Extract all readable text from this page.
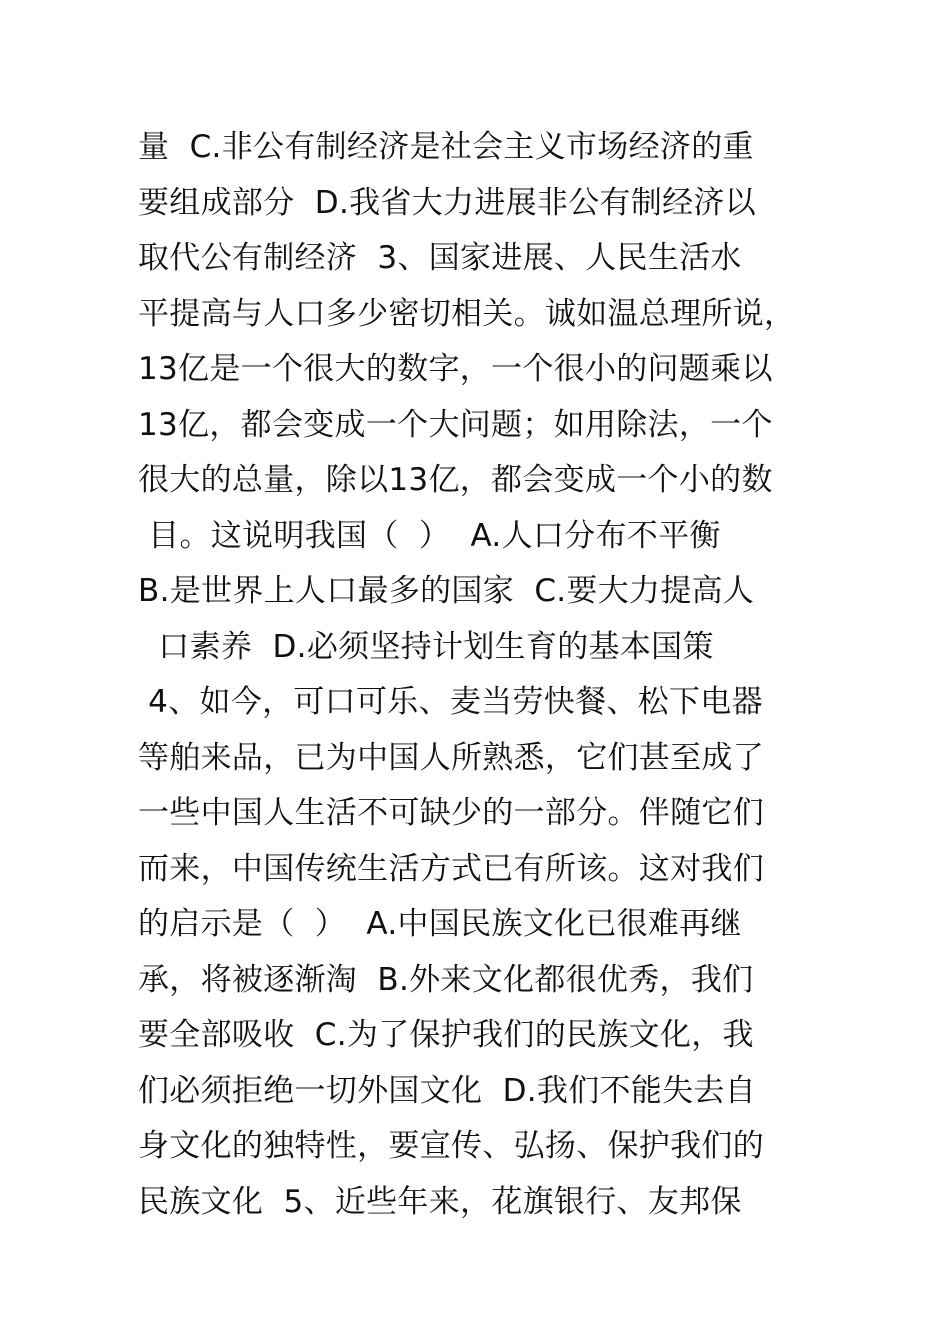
量  C.非公有制经济是社会主义市场经济的重
要组成部分  D.我省大力进展非公有制经济以
取代公有制经济  3、国家进展、人民生活水
平提高与人口多少密切相关。诚如温总理所说，
13亿是一个很大的数字，一个很小的问题乘以
13亿，都会变成一个大问题；如用除法，一个
很大的总量，除以13亿，都会变成一个小的数
目。这说明我国（  ）  A.人口分布不平衡
B.是世界上人口最多的国家  C.要大力提高人
口素养  D.必须坚持计划生育的基本国策
4、如今，可口可乐、麦当劳快餐、松下电器
等舶来品，已为中国人所熟悉，它们甚至成了
一些中国人生活不可缺少的一部分。伴随它们
而来，中国传统生活方式已有所该。这对我们
的启示是（  ）  A.中国民族文化已很难再继
承，将被逐渐淘  B.外来文化都很优秀，我们
要全部吸收  C.为了保护我们的民族文化，我
们必须拒绝一切外国文化  D.我们不能失去自
身文化的独特性，要宣传、弘扬、保护我们的
民族文化  5、近些年来，花旗银行、友邦保
